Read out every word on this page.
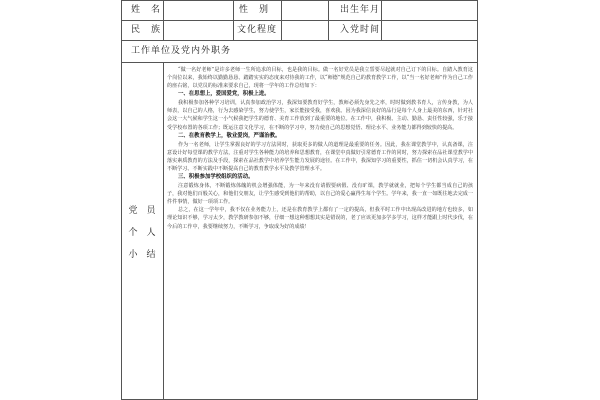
姓　名	性　别	出生年月
民　族	文化程度	入党时间
工作单位及党内外职务
党　员
个　人
小　结

“做一名好老师”是许多老师一生所追求的目标，也是我的目标。做一名好党员是我立誓要尽起就对自己订下的目标。自踏入教育这个岗位以来，我始终以勤勤恳恳、踏踏实实的态度来对待我的工作，以“师德”规范自己的教育教学工作，以“当一名好老师”作为自己工作的座右铭，以党员的标准来要求自己，现将一学年的工作总结如下：

一、在思想上，爱国爱党，积极上进。

我积极参加各种学习培训，认真参加政治学习，我深知要教育好学生，教师必须先身先之率，时时做到教书育人，言传身教，为人师表，以自己的人格，行为去感染学生，努力使学生，家长能接受我，喜欢我。因为我深信良好的品行是每个人身上最美的东西，针对社会这一大气候和学生这一小气候我把学生的德育、美育工作放到了最重要的地位。在工作中，我积极、主动、勤恳、责任性较强，乐于接受学校布置的各项工作；既运注意文化学习，在不断的学习中，努力使自己的思想觉悟、理论水平、业务能力都得到较快的提高。

二、在教育教学上，敬业爱岗，严谨治教。

作为一名老师，让学生掌握良好的学习方法同时，获取更多的做人的道理是最重要的任务。因此，我在课堂教学中，认真备课，注意设计好每堂课的教学方法，注重对学生各种能力的培养和思想教育，在课堂中真做好引常德育工作的同时，努力探索在品社课堂教学中落实素质教育的方法及手段，探索在品社教学中培养学生能力发展的途径。在工作中，我深知学习的重要性，抓住一切机会认真学习，在不断学习、不断实践中不断提高自己的教育教学水平及教学管理水平。

三、积极参加学校组织的活动。

注意锻炼身体，不断锻炼体魄的机会增强体能，为一年来没有请假要病假、没有旷课，教学就就业，把每个学生都当成自己的孩子，我对他们百般关心，和他们交朋友，让学生感受到他们的帮助，以自己的爱心赢得生每个学生。学年来，我一直一如既往地去完成一件件事情，做好一项项工作。

总之，在这一学年中，我不仅在业务能力上，还是在教育教学上都有了一定的提高，但我平时工作中出现高改进的地方也较多，如理论知识不够，学习太少，教学教研参加不够，仔细一想这种想想其实是错误的，老了应该更加多学多学习，这样才能跟上时代步伐，在今后的工作中，我要继续努力，不断学习，争取成为好的成绩！
